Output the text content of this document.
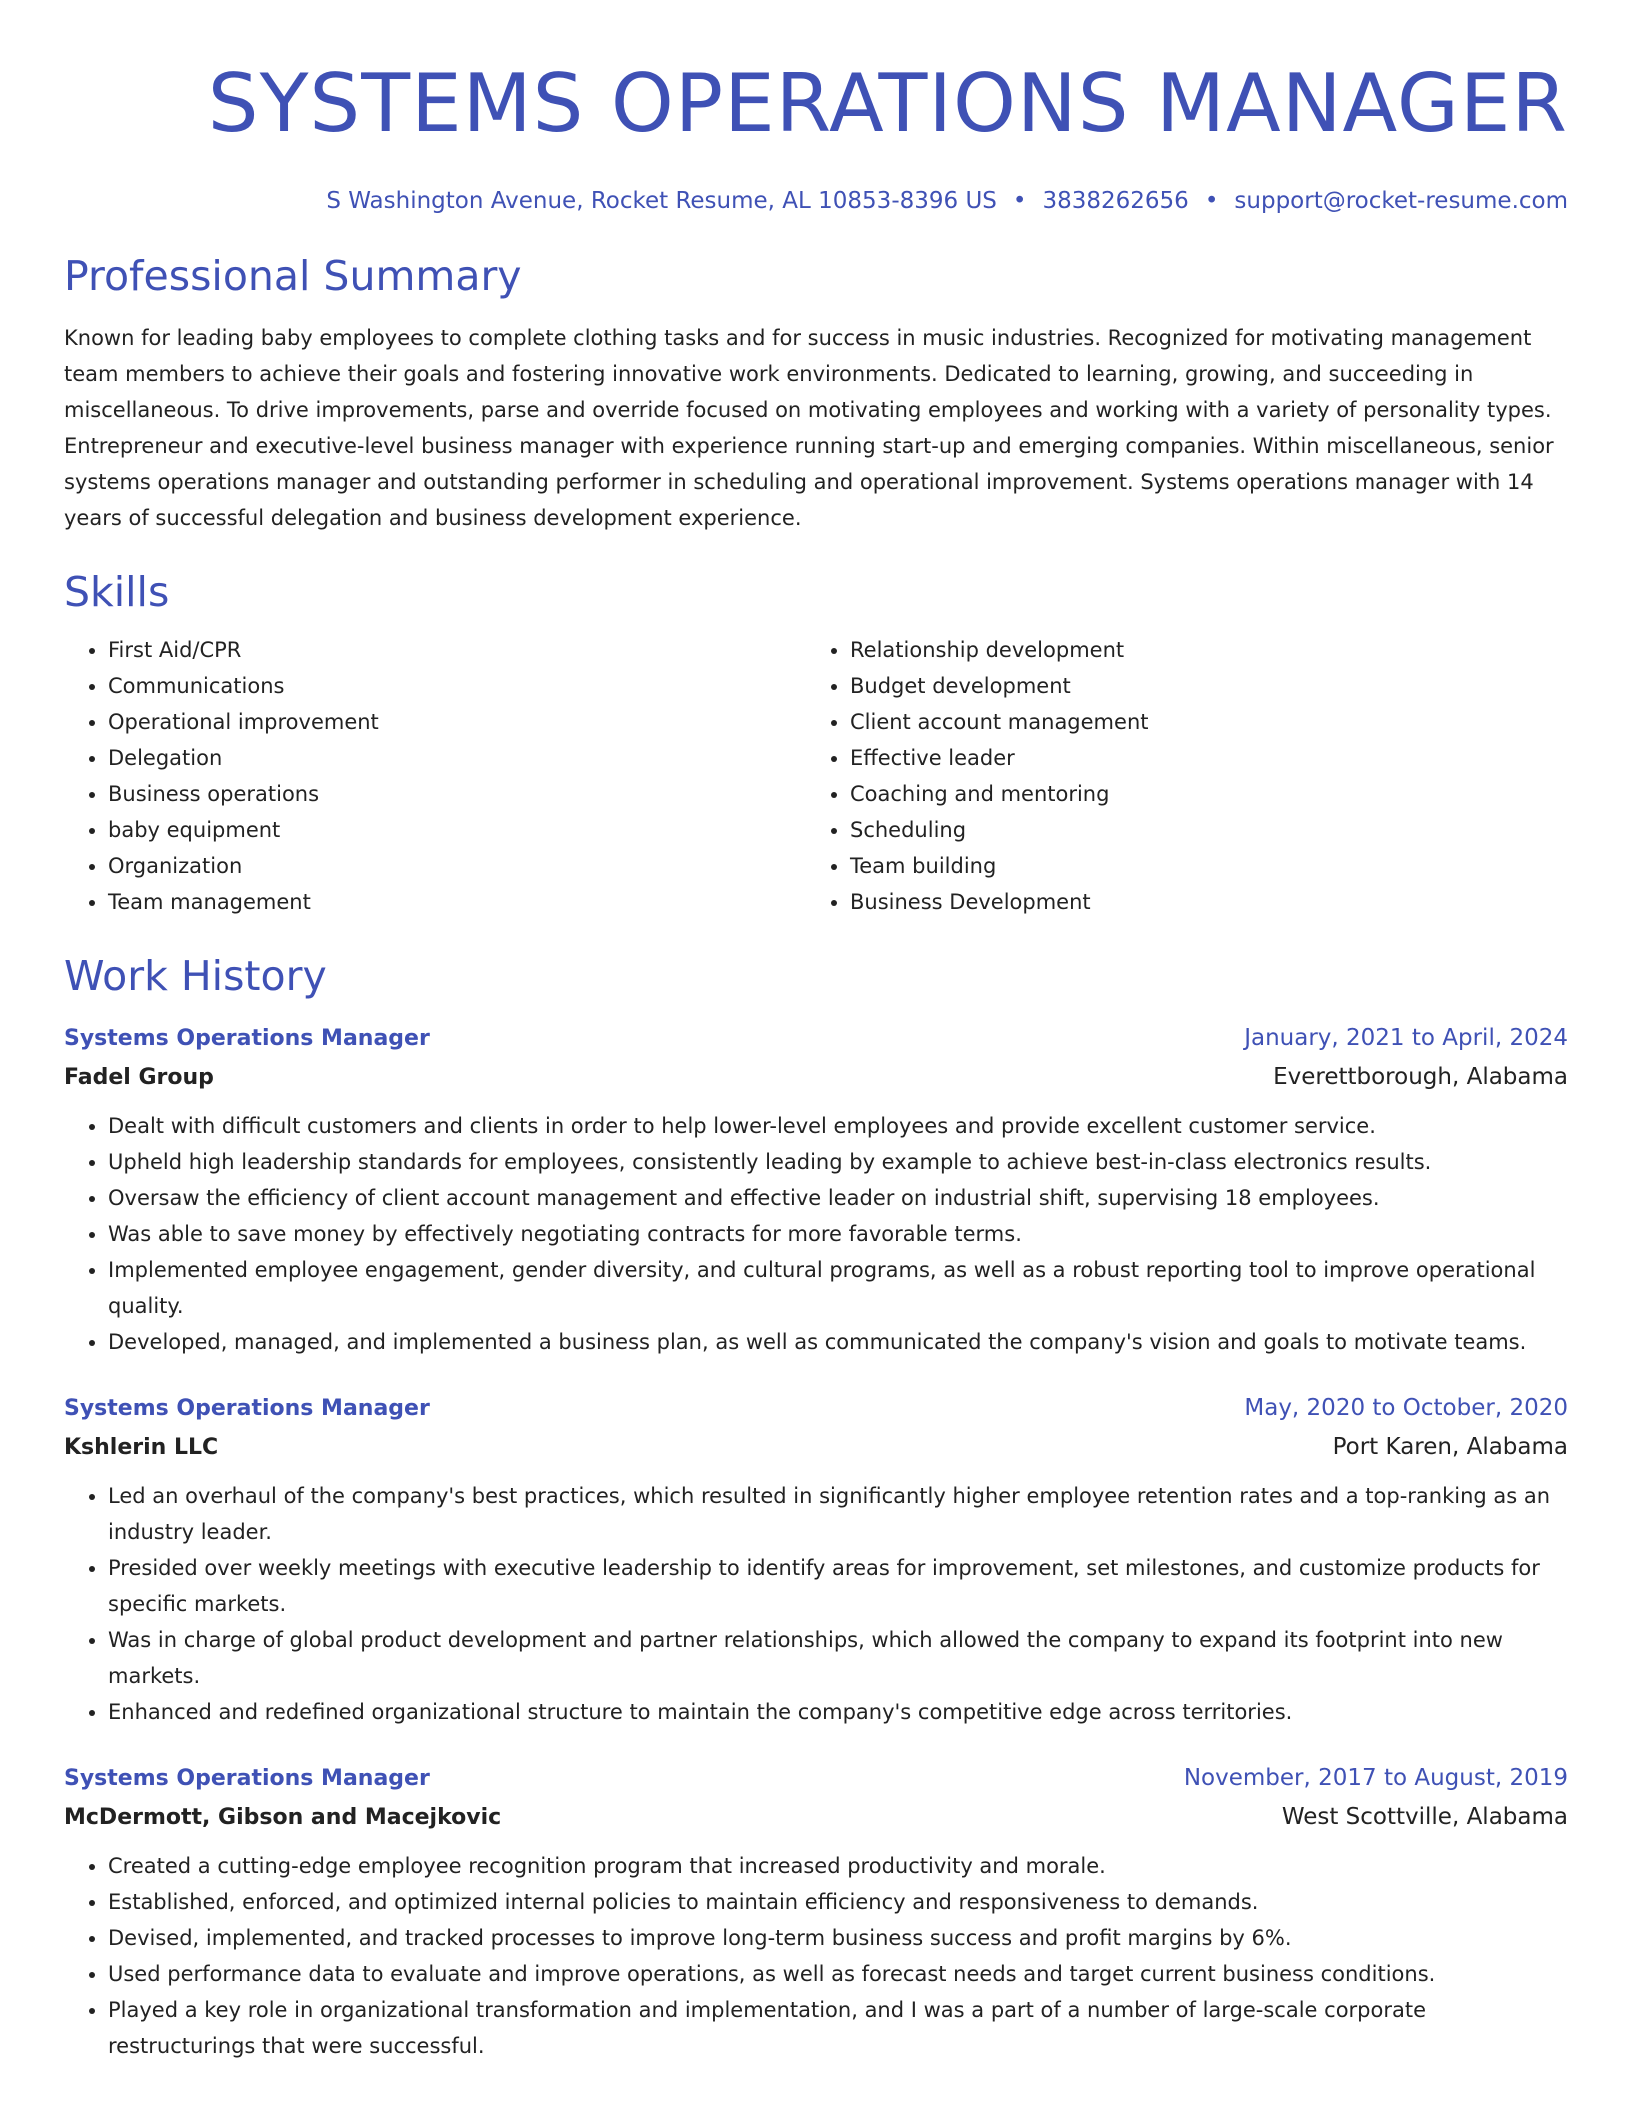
SYSTEMS OPERATIONS MANAGER
S Washington Avenue, Rocket Resume, AL 10853-8396 US • 3838262656 • support@rocket-resume.com
Professional Summary

Known for leading baby employees to complete clothing tasks and for success in music industries. Recognized for motivating management team members to achieve their goals and fostering innovative work environments. Dedicated to learning, growing, and succeeding in miscellaneous. To drive improvements, parse and override focused on motivating employees and working with a variety of personality types. Entrepreneur and executive-level business manager with experience running start-up and emerging companies. Within miscellaneous, senior systems operations manager and outstanding performer in scheduling and operational improvement. Systems operations manager with 14 years of successful delegation and business development experience.

Skills
• First Aid/CPR
• Communications
• Operational improvement
• Delegation
• Business operations
• baby equipment
• Organization
• Team management
• Relationship development
• Budget development
• Client account management
• Effective leader
• Coaching and mentoring
• Scheduling
• Team building
• Business Development
Work History
Systems Operations Manager	January, 2021 to April, 2024
Fadel Group	Everettborough, Alabama
• Dealt with difficult customers and clients in order to help lower-level employees and provide excellent customer service.
• Upheld high leadership standards for employees, consistently leading by example to achieve best-in-class electronics results.
• Oversaw the efficiency of client account management and effective leader on industrial shift, supervising 18 employees.
• Was able to save money by effectively negotiating contracts for more favorable terms.
• Implemented employee engagement, gender diversity, and cultural programs, as well as a robust reporting tool to improve operational quality.
• Developed, managed, and implemented a business plan, as well as communicated the company's vision and goals to motivate teams.
Systems Operations Manager	May, 2020 to October, 2020
Kshlerin LLC	Port Karen, Alabama
• Led an overhaul of the company's best practices, which resulted in significantly higher employee retention rates and a top-ranking as an industry leader.
• Presided over weekly meetings with executive leadership to identify areas for improvement, set milestones, and customize products for specific markets.
• Was in charge of global product development and partner relationships, which allowed the company to expand its footprint into new markets.
• Enhanced and redefined organizational structure to maintain the company's competitive edge across territories.
Systems Operations Manager	November, 2017 to August, 2019
McDermott, Gibson and Macejkovic	West Scottville, Alabama
• Created a cutting-edge employee recognition program that increased productivity and morale.
• Established, enforced, and optimized internal policies to maintain efficiency and responsiveness to demands.
• Devised, implemented, and tracked processes to improve long-term business success and profit margins by 6%.
• Used performance data to evaluate and improve operations, as well as forecast needs and target current business conditions.
• Played a key role in organizational transformation and implementation, and I was a part of a number of large-scale corporate restructurings that were successful.
